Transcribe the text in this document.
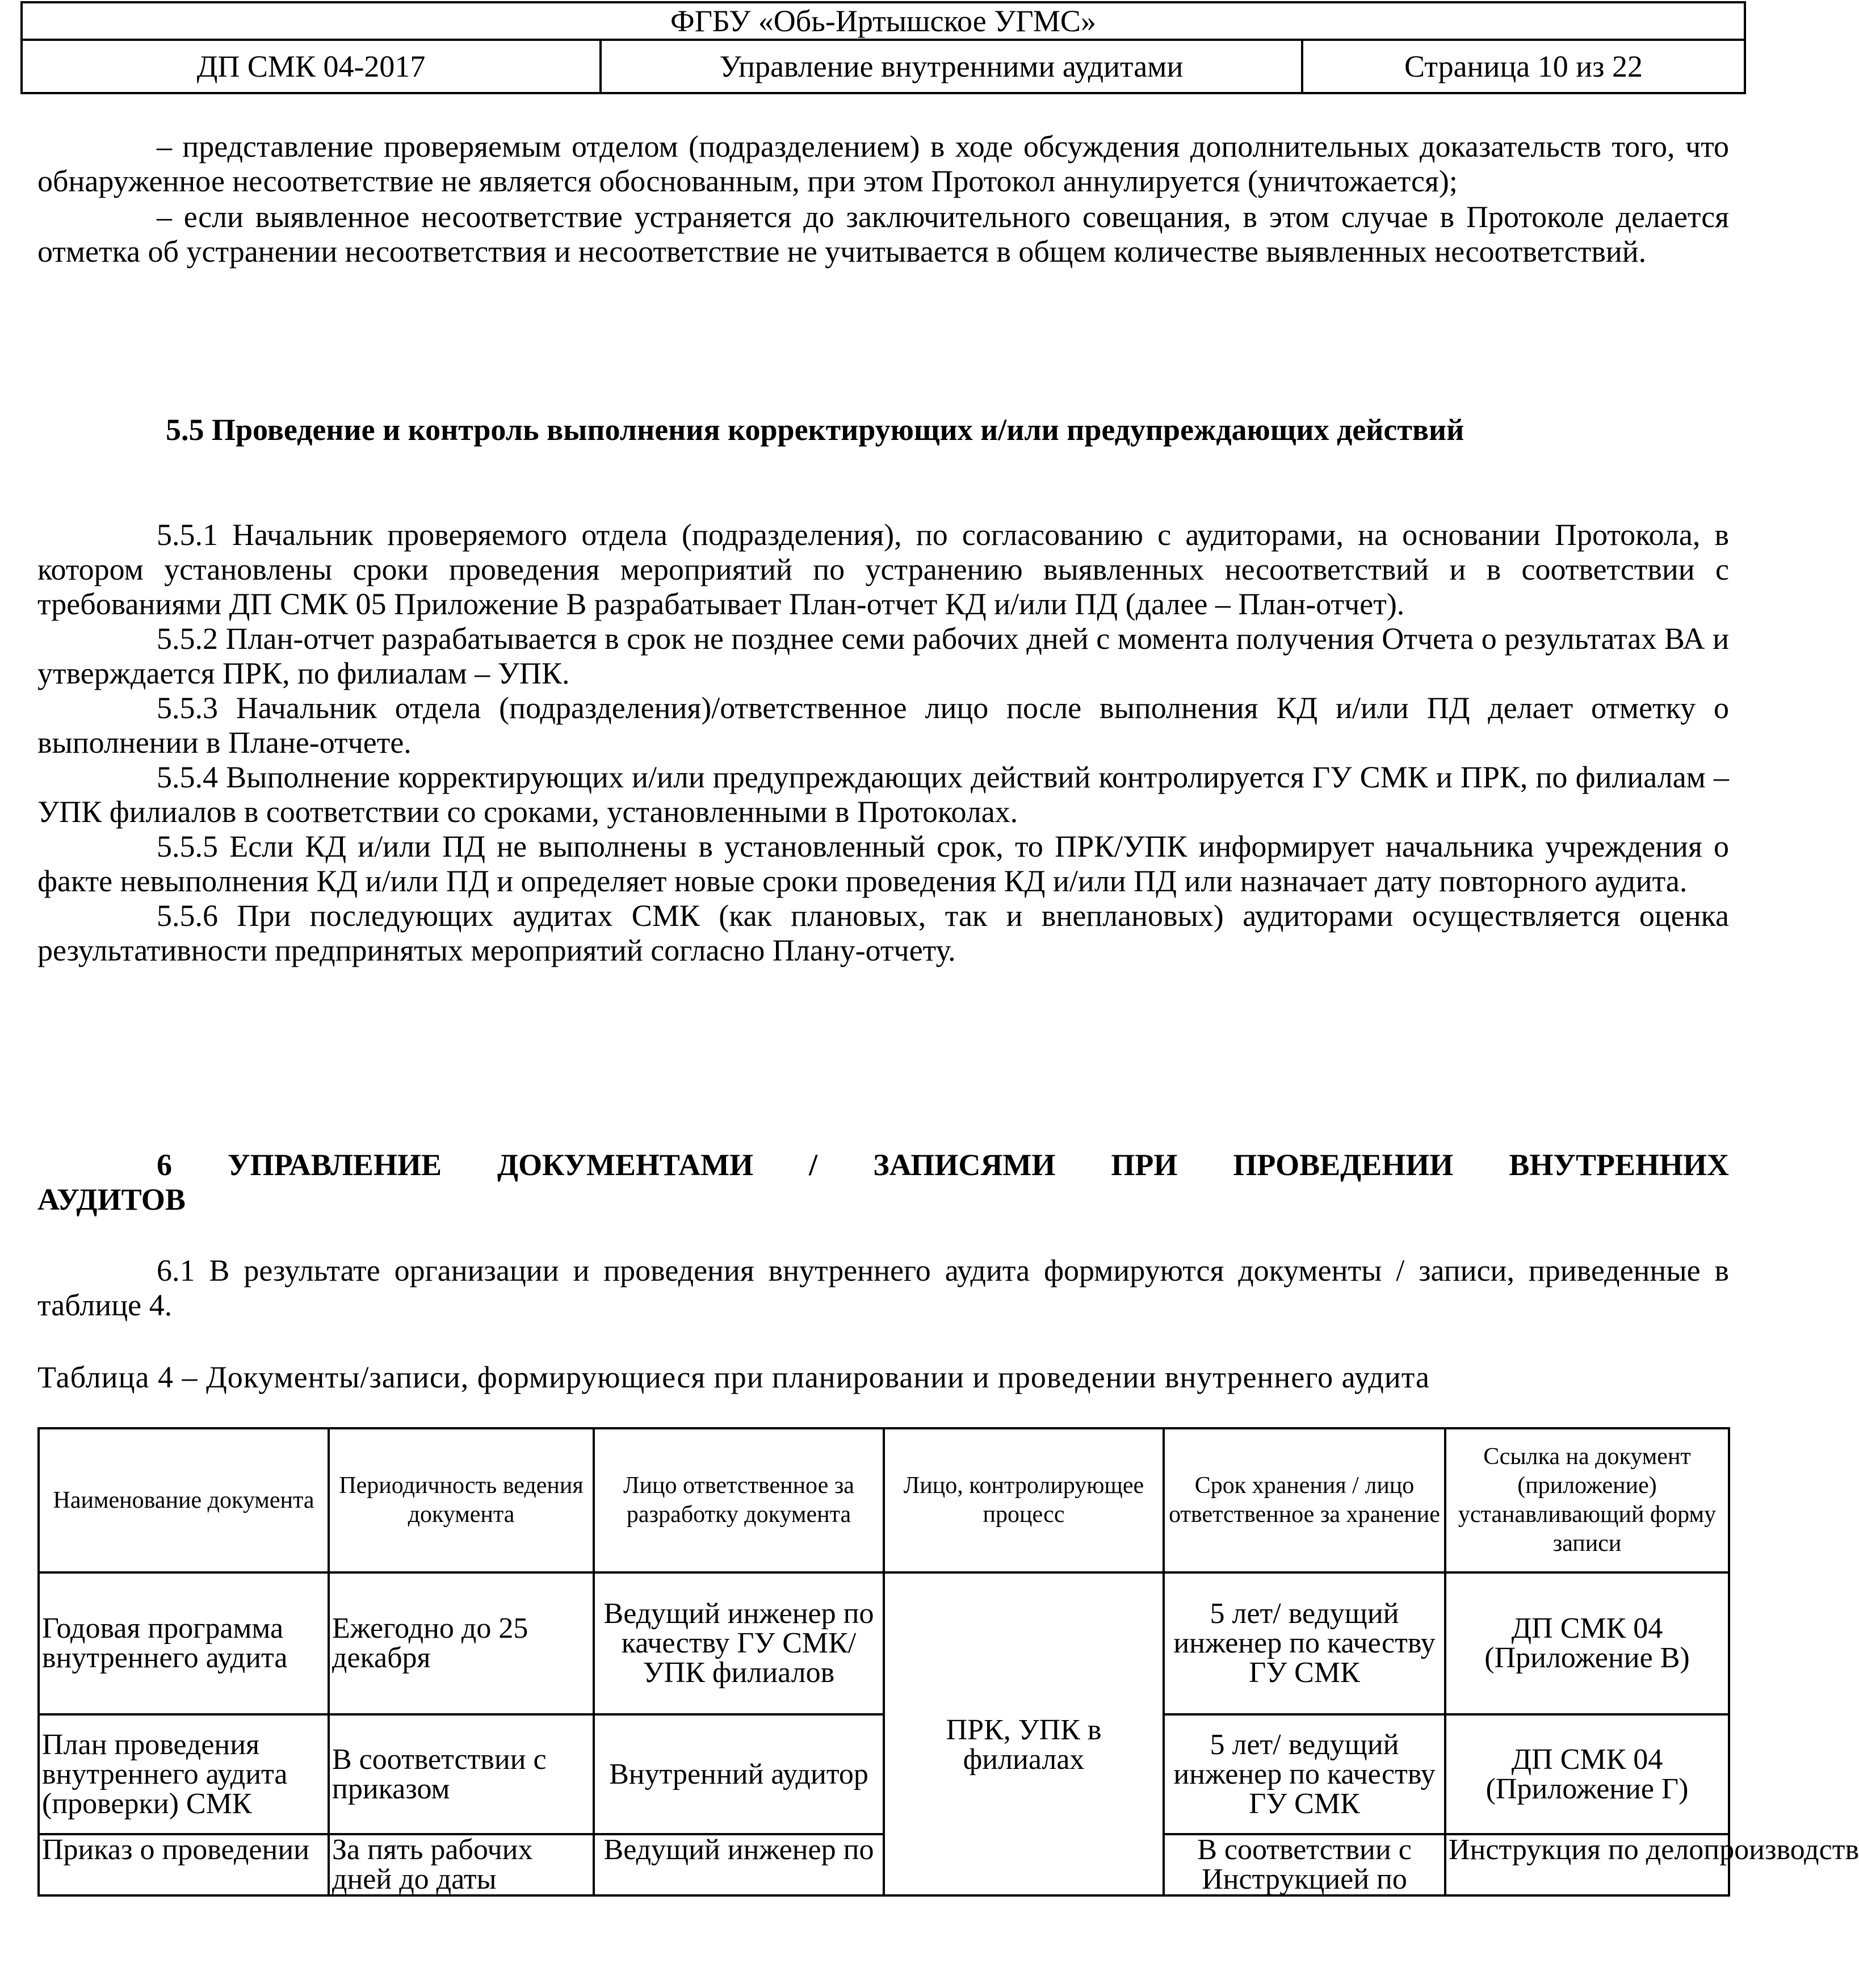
ФГБУ «Обь-Иртышское УГМС»
ДП СМК 04-2017	Управление внутренними аудитами	Страница 10 из 22

– представление проверяемым отделом (подразделением) в ходе обсуждения дополнительных доказательств того, что обнаруженное несоответствие не является обоснованным, при этом Протокол аннулируется (уничтожается);

– если выявленное несоответствие устраняется до заключительного совещания, в этом случае в Протоколе делается отметка об устранении несоответствия и несоответствие не учитывается в общем количестве выявленных несоответствий.

5.5 Проведение и контроль выполнения корректирующих и/или предупреждающих действий

5.5.1 Начальник проверяемого отдела (подразделения), по согласованию с аудиторами, на основании Протокола, в котором установлены сроки проведения мероприятий по устранению выявленных несоответствий и в соответствии с требованиями ДП СМК 05 Приложение В разрабатывает План-отчет КД и/или ПД (далее – План-отчет).

5.5.2 План-отчет разрабатывается в срок не позднее семи рабочих дней с момента получения Отчета о результатах ВА и утверждается ПРК, по филиалам – УПК.

5.5.3 Начальник отдела (подразделения)/ответственное лицо после выполнения КД и/или ПД делает отметку о выполнении в Плане-отчете.

5.5.4 Выполнение корректирующих и/или предупреждающих действий контролируется ГУ СМК и ПРК, по филиалам – УПК филиалов в соответствии со сроками, установленными в Протоколах.

5.5.5 Если КД и/или ПД не выполнены в установленный срок, то ПРК/УПК информирует начальника учреждения о факте невыполнения КД и/или ПД и определяет новые сроки проведения КД и/или ПД или назначает дату повторного аудита.

5.5.6 При последующих аудитах СМК (как плановых, так и внеплановых) аудиторами осуществляется оценка результативности предпринятых мероприятий согласно Плану-отчету.

6 УПРАВЛЕНИЕ ДОКУМЕНТАМИ / ЗАПИСЯМИ ПРИ ПРОВЕДЕНИИ ВНУТРЕННИХ АУДИТОВ

6.1 В результате организации и проведения внутреннего аудита формируются документы / записи, приведенные в таблице 4.

Таблица 4 – Документы/записи, формирующиеся при планировании и проведении внутреннего аудита

Наименование документа	Периодичность ведения документа	Лицо ответственное за разработку документа	Лицо, контролирующее процесс	Срок хранения / лицо ответственное за хранение	Ссылка на документ (приложение) устанавливающий форму записи
Годовая программа внутреннего аудита	Ежегодно до 25 декабря	Ведущий инженер по качеству ГУ СМК/ УПК филиалов	ПРК, УПК в филиалах	5 лет/ ведущий инженер по качеству ГУ СМК	ДП СМК 04 (Приложение В)
План проведения внутреннего аудита (проверки) СМК	В соответствии с приказом	Внутренний аудитор		5 лет/ ведущий инженер по качеству ГУ СМК	ДП СМК 04 (Приложение Г)
Приказ о проведении	За пять рабочих дней до даты	Ведущий инженер по		В соответствии с Инструкцией по	Инструкция по делопроизводств
